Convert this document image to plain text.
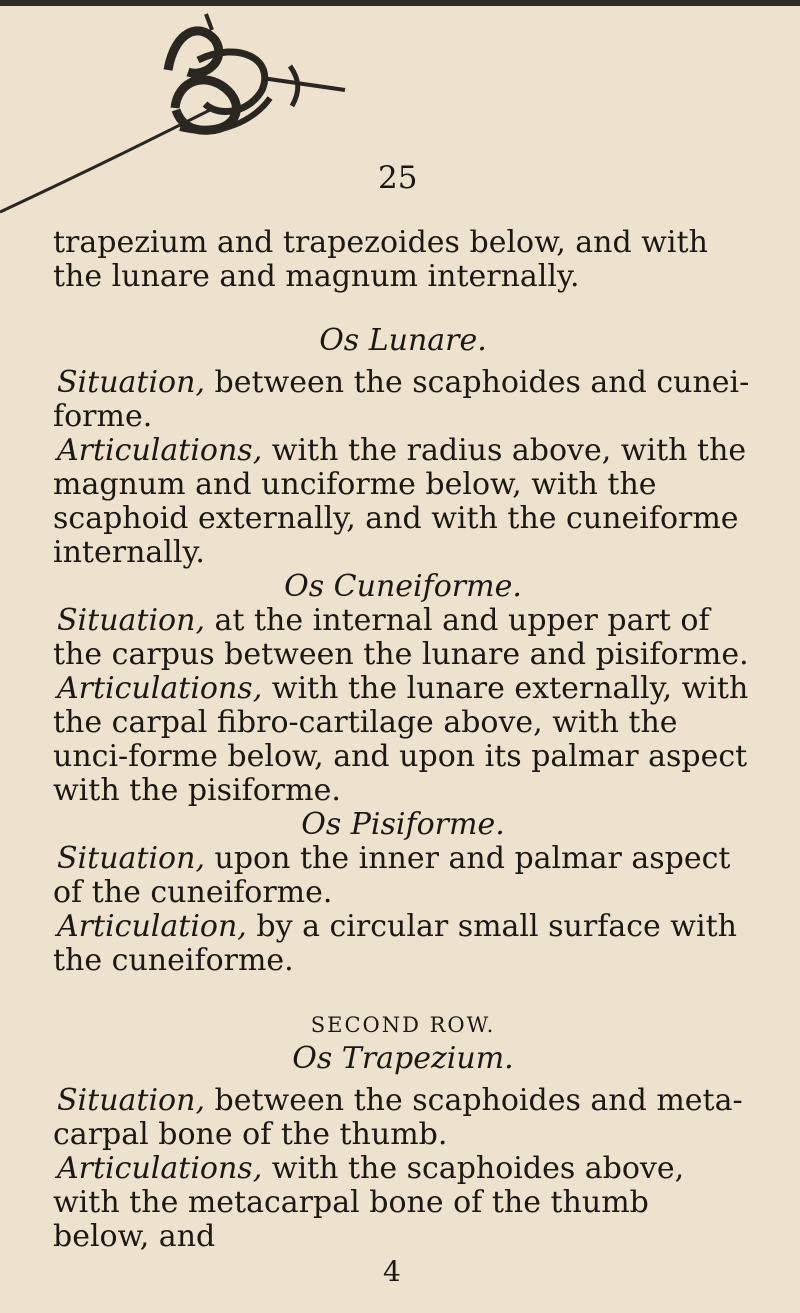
25

trapezium and trapezoides below, and with the lunare and magnum internally.

Os Lunare.

Situation, between the scaphoides and cunei-forme.

Articulations, with the radius above, with the magnum and unciforme below, with the scaphoid externally, and with the cuneiforme internally.

Os Cuneiforme.

Situation, at the internal and upper part of the carpus between the lunare and pisiforme.

Articulations, with the lunare externally, with the carpal fibro-cartilage above, with the unci-forme below, and upon its palmar aspect with the pisiforme.

Os Pisiforme.

Situation, upon the inner and palmar aspect of the cuneiforme.

Articulation, by a circular small surface with the cuneiforme.

SECOND ROW.

Os Trapezium.

Situation, between the scaphoides and meta-carpal bone of the thumb.

Articulations, with the scaphoides above, with the metacarpal bone of the thumb below, and

4
